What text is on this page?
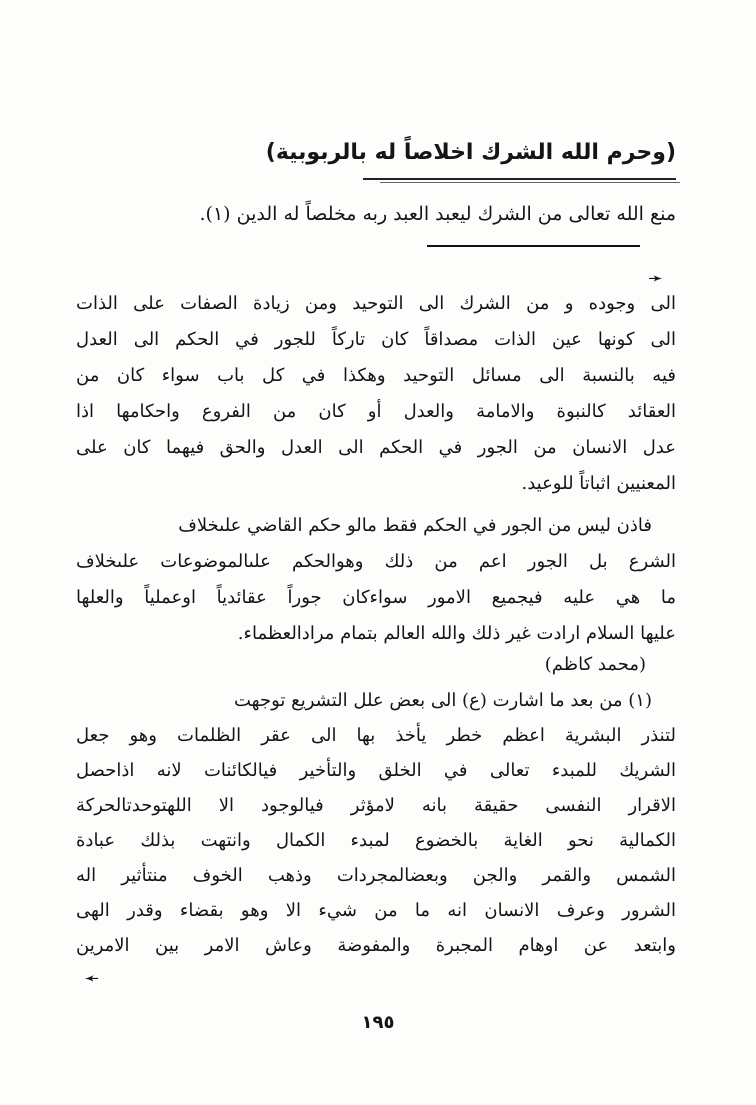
(وحرم الله الشرك اخلاصاً له بالربوبية)
منع الله تعالى من الشرك ليعبد العبد ربه مخلصاً له الدين (١).
➛
الى وجوده و من الشرك الى التوحيد ومن زيادة الصفات على الذات
الى كونها عين الذات مصداقاً كان تاركاً للجور في الحكم الى العدل
فيه بالنسبة الى مسائل التوحيد وهكذا في كل باب سواء كان من
العقائد كالنبوة والامامة والعدل أو كان من الفروع واحكامها اذا
عدل الانسان من الجور في الحكم الى العدل والحق فيهما كان على
المعنيين اثباتاً للوعيد.
فاذن ليس من الجور في الحكم فقط مالو حكم القاضي علىخلاف
الشرع بل الجور اعم من ذلك وهوالحكم علىالموضوعات علىخلاف
ما هي عليه فيجميع الامور سواءكان جوراً عقائدياً اوعملياً والعلها
عليها السلام ارادت غير ذلك والله العالم بتمام مرادالعظماء.
(محمد كاظم)
(١) من بعد ما اشارت (ع) الى بعض علل التشريع توجهت
لتنذر البشرية اعظم خطر يأخذ بها الى عقر الظلمات وهو جعل
الشريك للمبدء تعالى في الخلق والتأخير فيالكائنات لانه اذاحصل
الاقرار النفسى حقيقة بانه لامؤثر فيالوجود الا اللهتوحدتالحركة
الكمالية نحو الغاية بالخضوع لمبدء الكمال وانتهت بذلك عبادة
الشمس والقمر والجن وبعضالمجردات وذهب الخوف منتأثير اله
الشرور وعرف الانسان انه ما من شيء الا وهو بقضاء وقدر الهى
وابتعد عن اوهام المجبرة والمفوضة وعاش الامر بين الامرين
➛
١٩٥
